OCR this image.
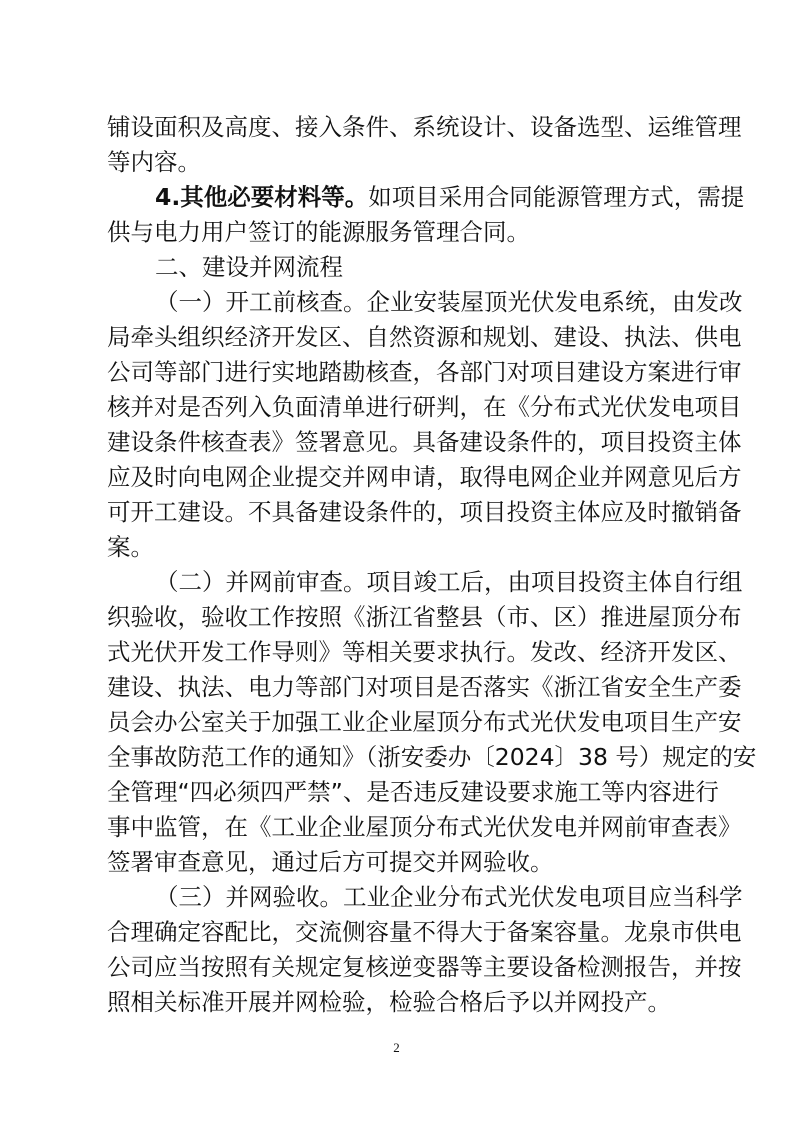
铺设面积及高度、接入条件、系统设计、设备选型、运维管理
等内容。
4.其他必要材料等。如项目采用合同能源管理方式，需提
供与电力用户签订的能源服务管理合同。
二、建设并网流程
（一）开工前核查。企业安装屋顶光伏发电系统，由发改
局牵头组织经济开发区、自然资源和规划、建设、执法、供电
公司等部门进行实地踏勘核查，各部门对项目建设方案进行审
核并对是否列入负面清单进行研判，在《分布式光伏发电项目
建设条件核查表》签署意见。具备建设条件的，项目投资主体
应及时向电网企业提交并网申请，取得电网企业并网意见后方
可开工建设。不具备建设条件的，项目投资主体应及时撤销备
案。
（二）并网前审查。项目竣工后，由项目投资主体自行组
织验收，验收工作按照《浙江省整县（市、区）推进屋顶分布
式光伏开发工作导则》等相关要求执行。发改、经济开发区、
建设、执法、电力等部门对项目是否落实《浙江省安全生产委
员会办公室关于加强工业企业屋顶分布式光伏发电项目生产安
全事故防范工作的通知》（浙安委办〔2024〕38 号）规定的安
全管理“四必须四严禁”、是否违反建设要求施工等内容进行
事中监管，在《工业企业屋顶分布式光伏发电并网前审查表》
签署审查意见，通过后方可提交并网验收。
（三）并网验收。工业企业分布式光伏发电项目应当科学
合理确定容配比，交流侧容量不得大于备案容量。龙泉市供电
公司应当按照有关规定复核逆变器等主要设备检测报告，并按
照相关标准开展并网检验，检验合格后予以并网投产。
2
